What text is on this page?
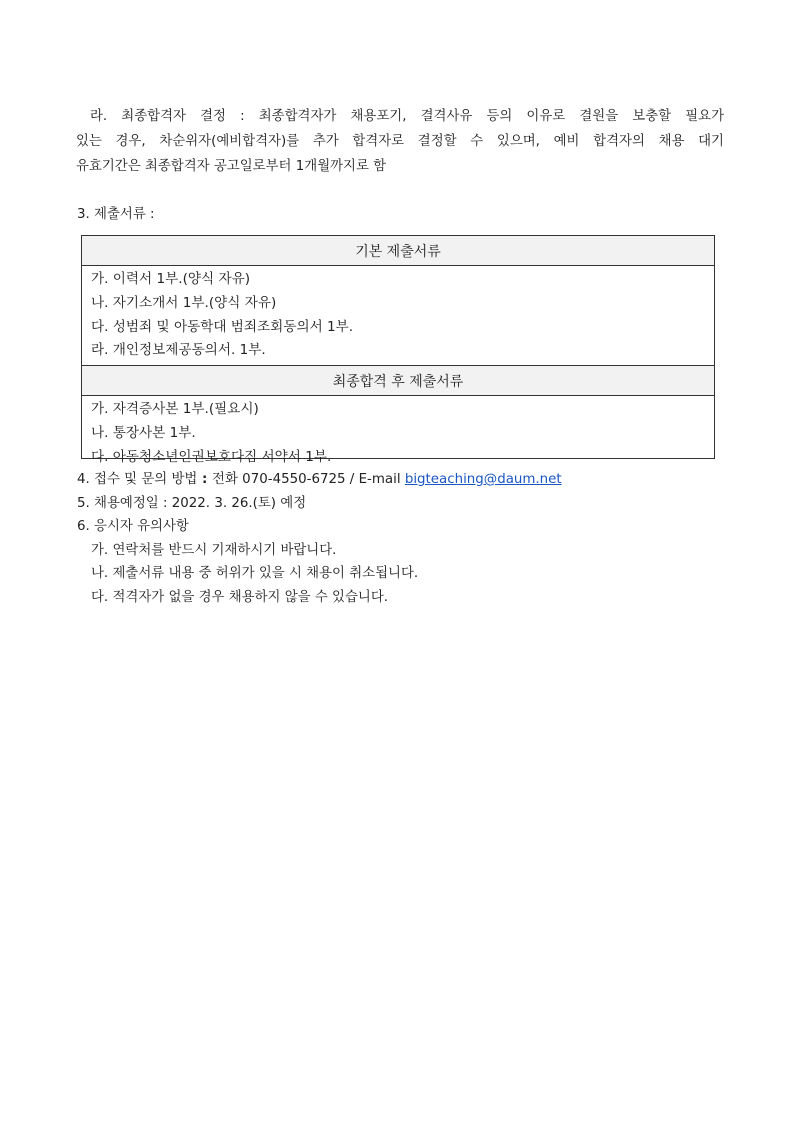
라. 최종합격자 결정 : 최종합격자가 채용포기, 결격사유 등의 이유로 결원을 보충할 필요가
있는 경우, 차순위자(예비합격자)를 추가 합격자로 결정할 수 있으며, 예비 합격자의 채용 대기
유효기간은 최종합격자 공고일로부터 1개월까지로 함
3. 제출서류 :
기본 제출서류
가. 이력서 1부.(양식 자유)
나. 자기소개서 1부.(양식 자유)
다. 성범죄 및 아동학대 범죄조회동의서 1부.
라. 개인정보제공동의서. 1부.
최종합격 후 제출서류
가. 자격증사본 1부.(필요시)
나. 통장사본 1부.
다. 아동청소년인권보호다짐 서약서 1부.
4. 접수 및 문의 방법 : 전화 070-4550-6725 / E-mail bigteaching@daum.net
5. 채용예정일 : 2022. 3. 26.(토) 예정
6. 응시자 유의사항
가. 연락처를 반드시 기재하시기 바랍니다.
나. 제출서류 내용 중 허위가 있을 시 채용이 취소됩니다.
다. 적격자가 없을 경우 채용하지 않을 수 있습니다.
